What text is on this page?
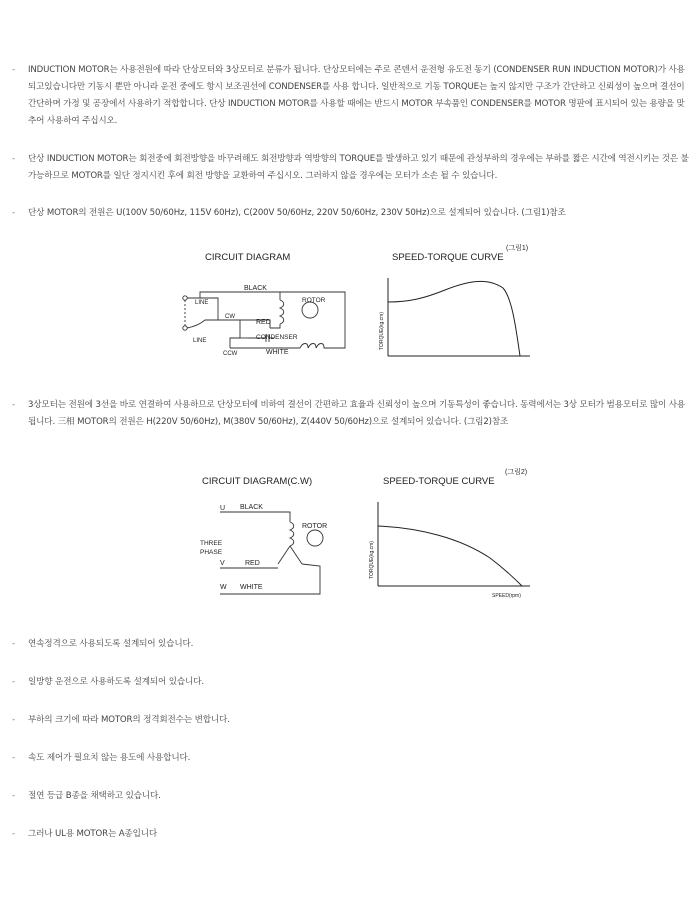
- INDUCTION MOTOR는 사용전원에 따라 단상모터와 3상모터로 분류가 됩니다. 단상모터에는 주로 콘덴서 운전형 유도전 동기 (CONDENSER RUN INDUCTION MOTOR)가 사용되고있습니다만 기동시 뿐만 아니라 운전 중에도 항시 보조권선에 CONDENSER를 사용 합니다. 일반적으로 기동 TORQUE는 높지 않지만 구조가 간단하고 신뢰성이 높으며 결선이 간단하며 가정 및 공장에서 사용하기 적합합니다. 단상 INDUCTION MOTOR를 사용할 때에는 반드시 MOTOR 부속품인 CONDENSER를 MOTOR 명판에 표시되어 있는 용량을 맞추어 사용하여 주십시오.
- 단상 INDUCTION MOTOR는 회전중에 회전방향을 바꾸려해도 회전방향과 역방향의 TORQUE를 발생하고 있기 때문에 관성부하의 경우에는 부하를 짧은 시간에 역전시키는 것은 불가능하므로 MOTOR를 일단 정지시킨 후에 회전 방향을 교환하여 주십시오. 그러하지 않을 경우에는 모터가 소손 될 수 있습니다.
- 단상 MOTOR의 전원은 U(100V 50/60Hz, 115V 60Hz), C(200V 50/60Hz, 220V 50/60Hz, 230V 50Hz)으로 설계되어 있습니다. (그림1)참조
CIRCUIT DIAGRAM	SPEED-TORQUE CURVE
(그림1)
LINE
LINE
BLACK
ROTOR
CW
RED
CCW
CONDENSER
WHITE
TORQUE(kg.cm)
- 3상모터는 전원에 3선을 바로 연결하여 사용하므로 단상모터에 비하여 결선이 간편하고 효율과 신뢰성이 높으며 기동특성이 좋습니다. 동력에서는 3상 모터가 범용모터로 많이 사용됩니다. 三相 MOTOR의 전원은 H(220V 50/60Hz), M(380V 50/60Hz), Z(440V 50/60Hz)으로 설계되어 있습니다. (그림2)참조
CIRCUIT DIAGRAM(C.W)	SPEED-TORQUE CURVE
(그림2)
U BLACK
ROTOR
THREE
PHASE
V	RED
W WHITE
TORQUE(kg.cm)
SPEED(rpm)
- 연속정격으로 사용되도록 설계되어 있습니다.
- 일방향 운전으로 사용하도록 설계되어 있습니다.
- 부하의 크기에 따라 MOTOR의 정격회전수는 변합니다.
- 속도 제어가 필요치 않는 용도에 사용합니다.
- 절연 등급 B종을 채택하고 있습니다.
- 그러나 UL용 MOTOR는 A종입니다
